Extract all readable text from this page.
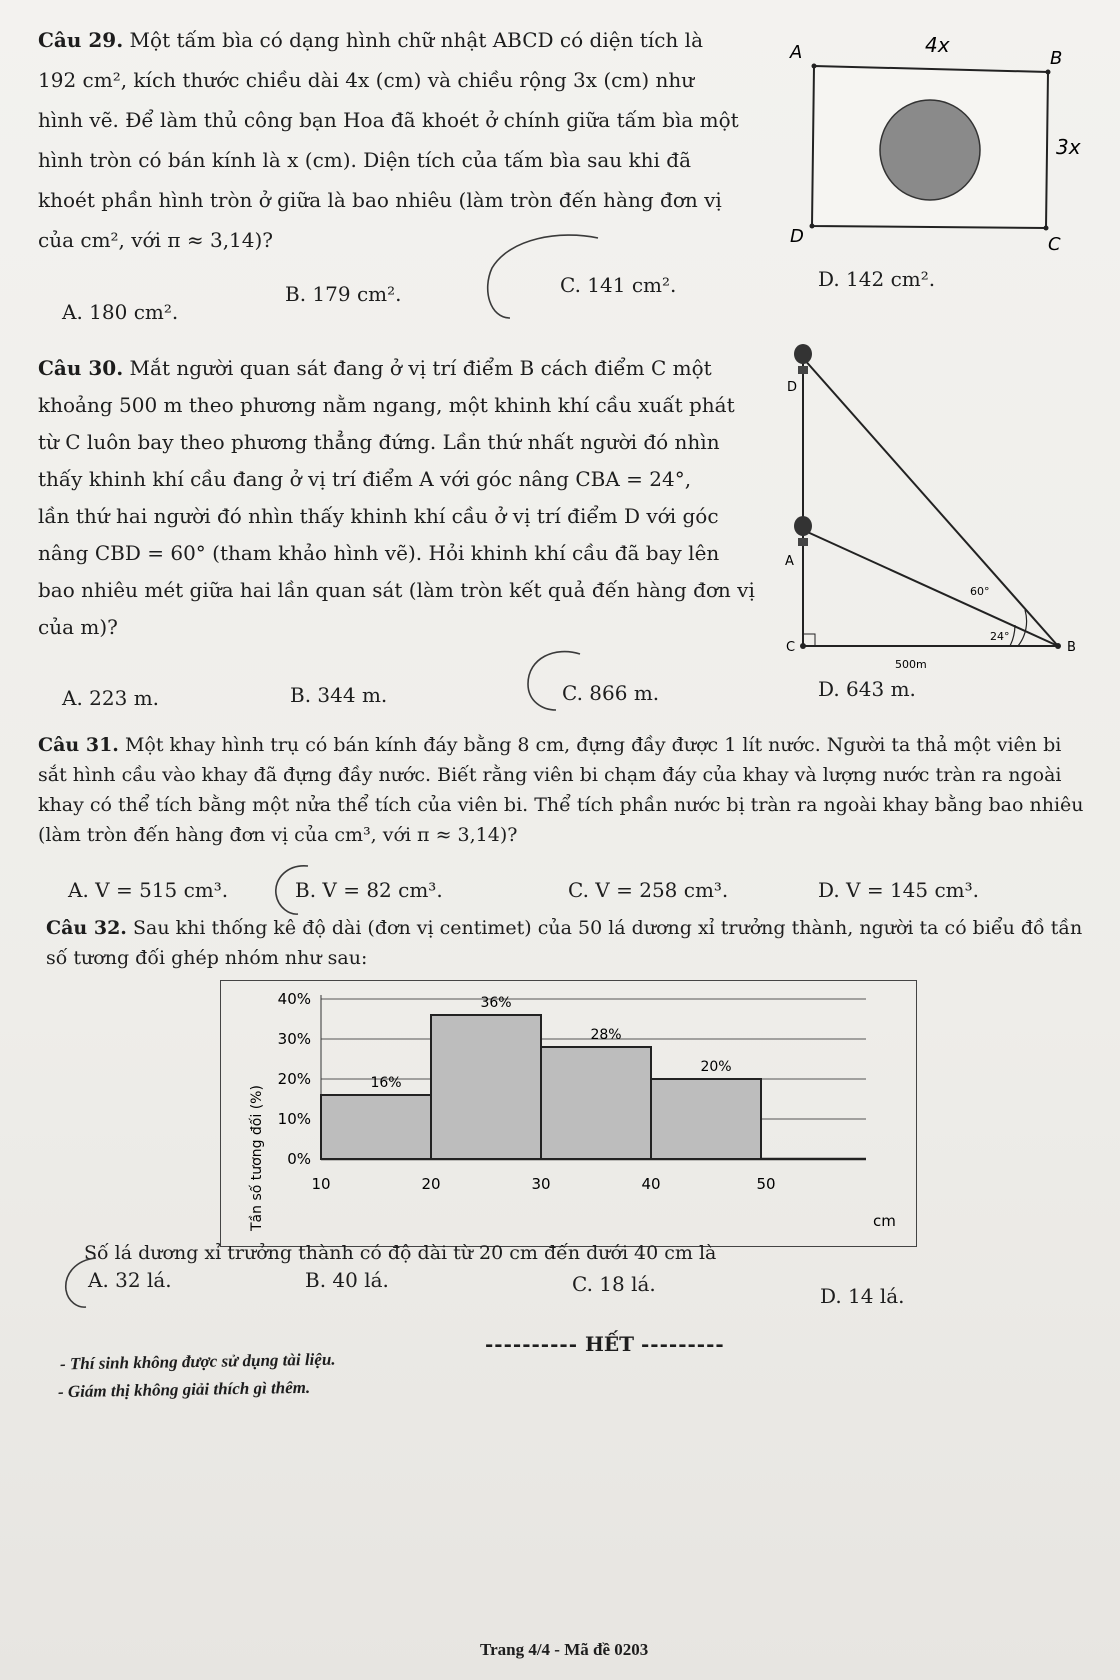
Câu 29. Một tấm bìa có dạng hình chữ nhật ABCD có diện tích là
192 cm², kích thước chiều dài 4x (cm) và chiều rộng 3x (cm) như
hình vẽ. Để làm thủ công bạn Hoa đã khoét ở chính giữa tấm bìa một
hình tròn có bán kính là x (cm). Diện tích của tấm bìa sau khi đã
khoét phần hình tròn ở giữa là bao nhiêu (làm tròn đến hàng đơn vị
của cm², với π ≈ 3,14)?
A. 180 cm².
B. 179 cm².	C. 141 cm².	D. 142 cm².
A	B
C
D
4x
3x
Câu 30. Mắt người quan sát đang ở vị trí điểm B cách điểm C một
khoảng 500 m theo phương nằm ngang, một khinh khí cầu xuất phát
từ C luôn bay theo phương thẳng đứng. Lần thứ nhất người đó nhìn
thấy khinh khí cầu đang ở vị trí điểm A với góc nâng CBA = 24°,
lần thứ hai người đó nhìn thấy khinh khí cầu ở vị trí điểm D với góc
nâng CBD = 60° (tham khảo hình vẽ). Hỏi khinh khí cầu đã bay lên
bao nhiêu mét giữa hai lần quan sát (làm tròn kết quả đến hàng đơn vị
của m)?
A. 223 m.	B. 344 m.	C. 866 m.	D. 643 m.
D
A
C	B
60°
24°
500m
Câu 31. Một khay hình trụ có bán kính đáy bằng 8 cm, đựng đầy được 1 lít nước. Người ta thả một viên bi
sắt hình cầu vào khay đã đựng đầy nước. Biết rằng viên bi chạm đáy của khay và lượng nước tràn ra ngoài
khay có thể tích bằng một nửa thể tích của viên bi. Thể tích phần nước bị tràn ra ngoài khay bằng bao nhiêu
(làm tròn đến hàng đơn vị của cm³, với π ≈ 3,14)?
A. V = 515 cm³.	B. V = 82 cm³.	C. V = 258 cm³.	D. V = 145 cm³.
Câu 32. Sau khi thống kê độ dài (đơn vị centimet) của 50 lá dương xỉ trưởng thành, người ta có biểu đồ tần
số tương đối ghép nhóm như sau:
16%
36%
28%
20%
40%
30%
20%
10%
0%
10	20	30	40	50
Tần số tương đối (%)	cm
Số lá dương xỉ trưởng thành có độ dài từ 20 cm đến dưới 40 cm là
A. 32 lá.	B. 40 lá.	C. 18 lá.	D. 14 lá.
---------- HẾT ---------
- Thí sinh không được sử dụng tài liệu.
- Giám thị không giải thích gì thêm.
Trang 4/4 - Mã đề 0203
